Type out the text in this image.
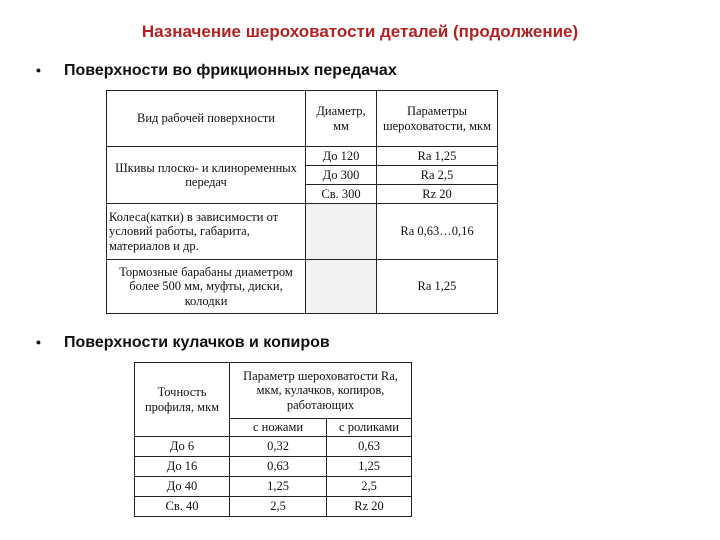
Назначение шероховатости деталей (продолжение)
• Поверхности во фрикционных передачах
Вид рабочей поверхности	Диаметр, мм	Параметры шероховатости, мкм
Шкивы плоско- и клиноременных передач	До 120	Ra 1,25
	До 300	Ra 2,5
	Св. 300	Rz 20
Колеса(катки) в зависимости от условий работы, габарита, материалов и др.		Ra 0,63…0,16
Тормозные барабаны диаметром более 500 мм, муфты, диски, колодки		Ra 1,25
• Поверхности кулачков и копиров
Точность профиля, мкм	Параметр шероховатости Ra, мкм, кулачков, копиров, работающих	
	с ножами	с роликами
До 6	0,32	0,63
До 16	0,63	1,25
До 40	1,25	2,5
Св. 40	2,5	Rz 20
